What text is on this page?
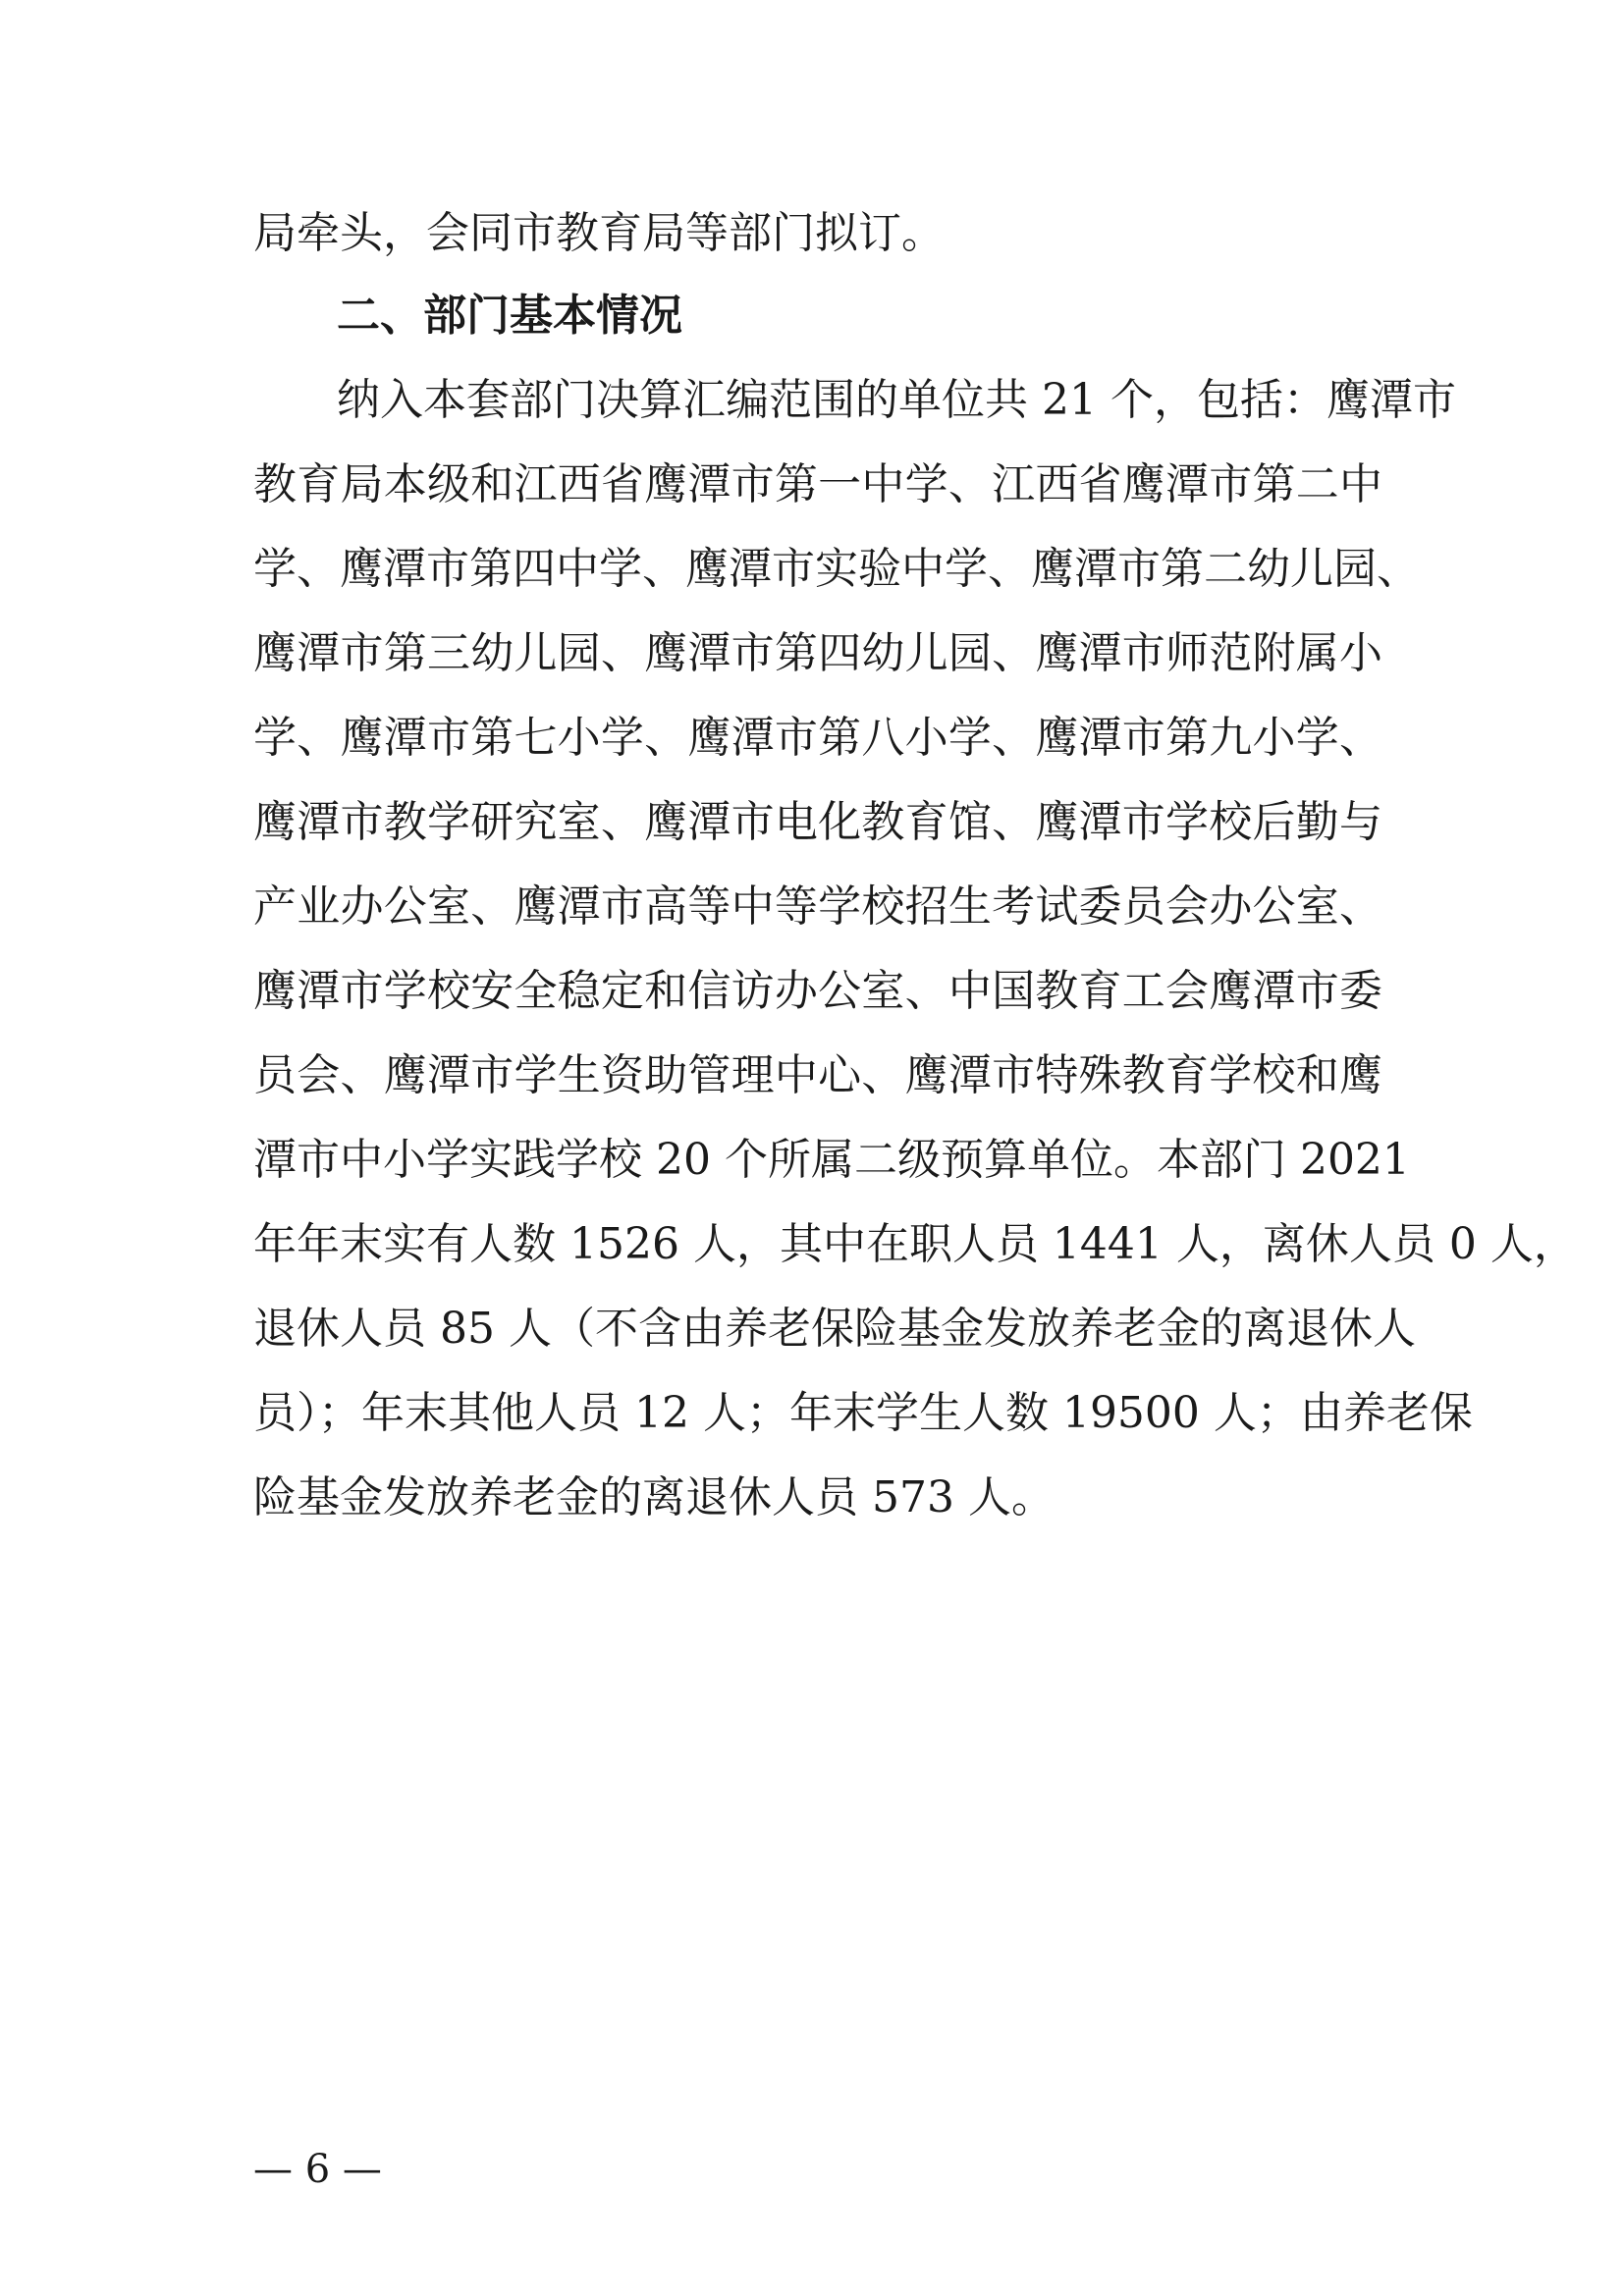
局牵头，会同市教育局等部门拟订。
二、部门基本情况
纳入本套部门决算汇编范围的单位共 21 个，包括：鹰潭市
教育局本级和江西省鹰潭市第一中学、江西省鹰潭市第二中
学、鹰潭市第四中学、鹰潭市实验中学、鹰潭市第二幼儿园、
鹰潭市第三幼儿园、鹰潭市第四幼儿园、鹰潭市师范附属小
学、鹰潭市第七小学、鹰潭市第八小学、鹰潭市第九小学、
鹰潭市教学研究室、鹰潭市电化教育馆、鹰潭市学校后勤与
产业办公室、鹰潭市高等中等学校招生考试委员会办公室、
鹰潭市学校安全稳定和信访办公室、中国教育工会鹰潭市委
员会、鹰潭市学生资助管理中心、鹰潭市特殊教育学校和鹰
潭市中小学实践学校 20 个所属二级预算单位。本部门 2021
年年末实有人数 1526 人，其中在职人员 1441 人，离休人员 0 人，
退休人员 85 人（不含由养老保险基金发放养老金的离退休人
员）；年末其他人员 12 人；年末学生人数 19500 人；由养老保
险基金发放养老金的离退休人员 573 人。
— 6 —
